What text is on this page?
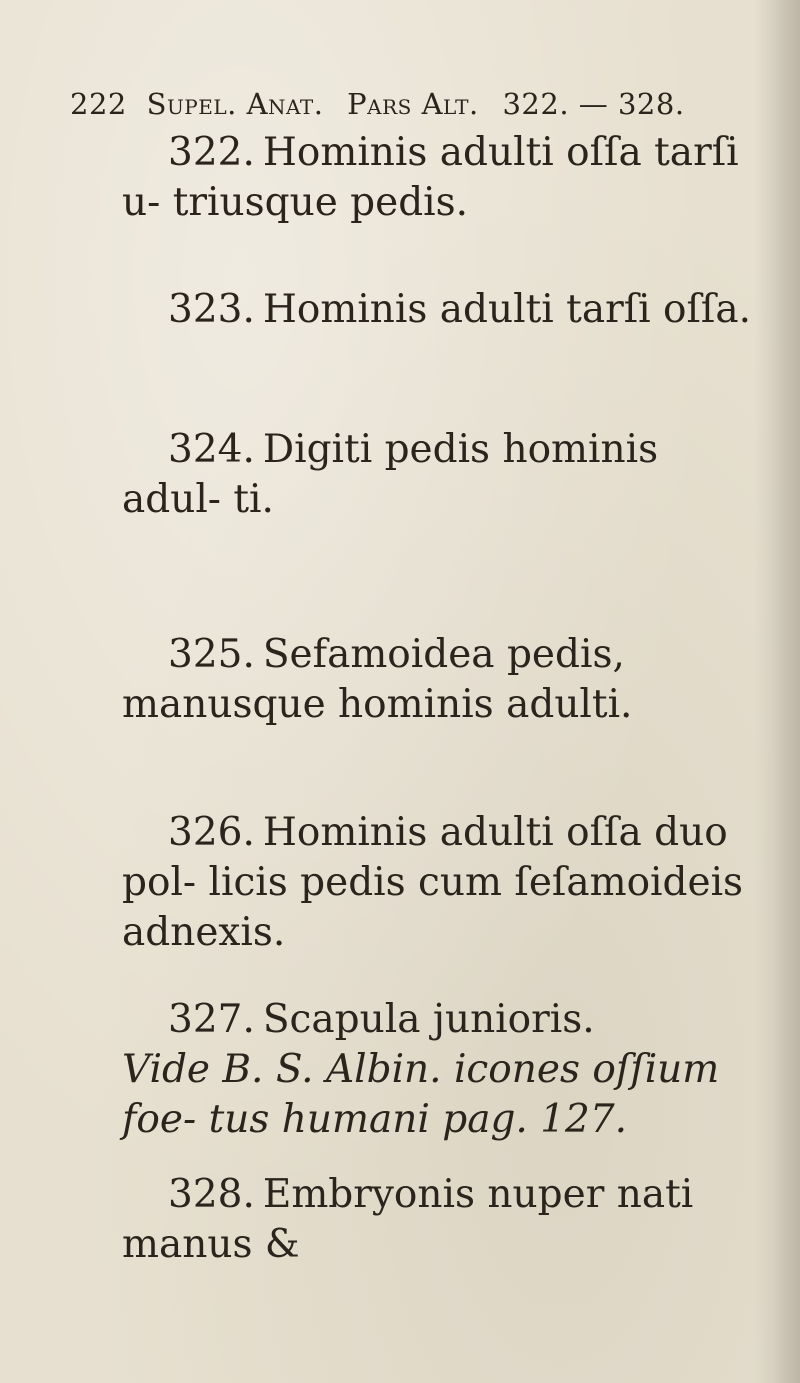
222 Supel. Anat. Pars Alt. 322. — 328.

322. Hominis adulti oſſa tarſi u- triusque pedis.

323. Hominis adulti tarſi oſſa.

324. Digiti pedis hominis adul- ti.

325. Sefamoidea pedis, manusque hominis adulti.

326. Hominis adulti oſſa duo pol- licis pedis cum ſeſamoideis adnexis.

327. Scapula junioris.

Vide B. S. Albin. icones oſſium foe- tus humani pag. 127.

328. Embryonis nuper nati manus &
